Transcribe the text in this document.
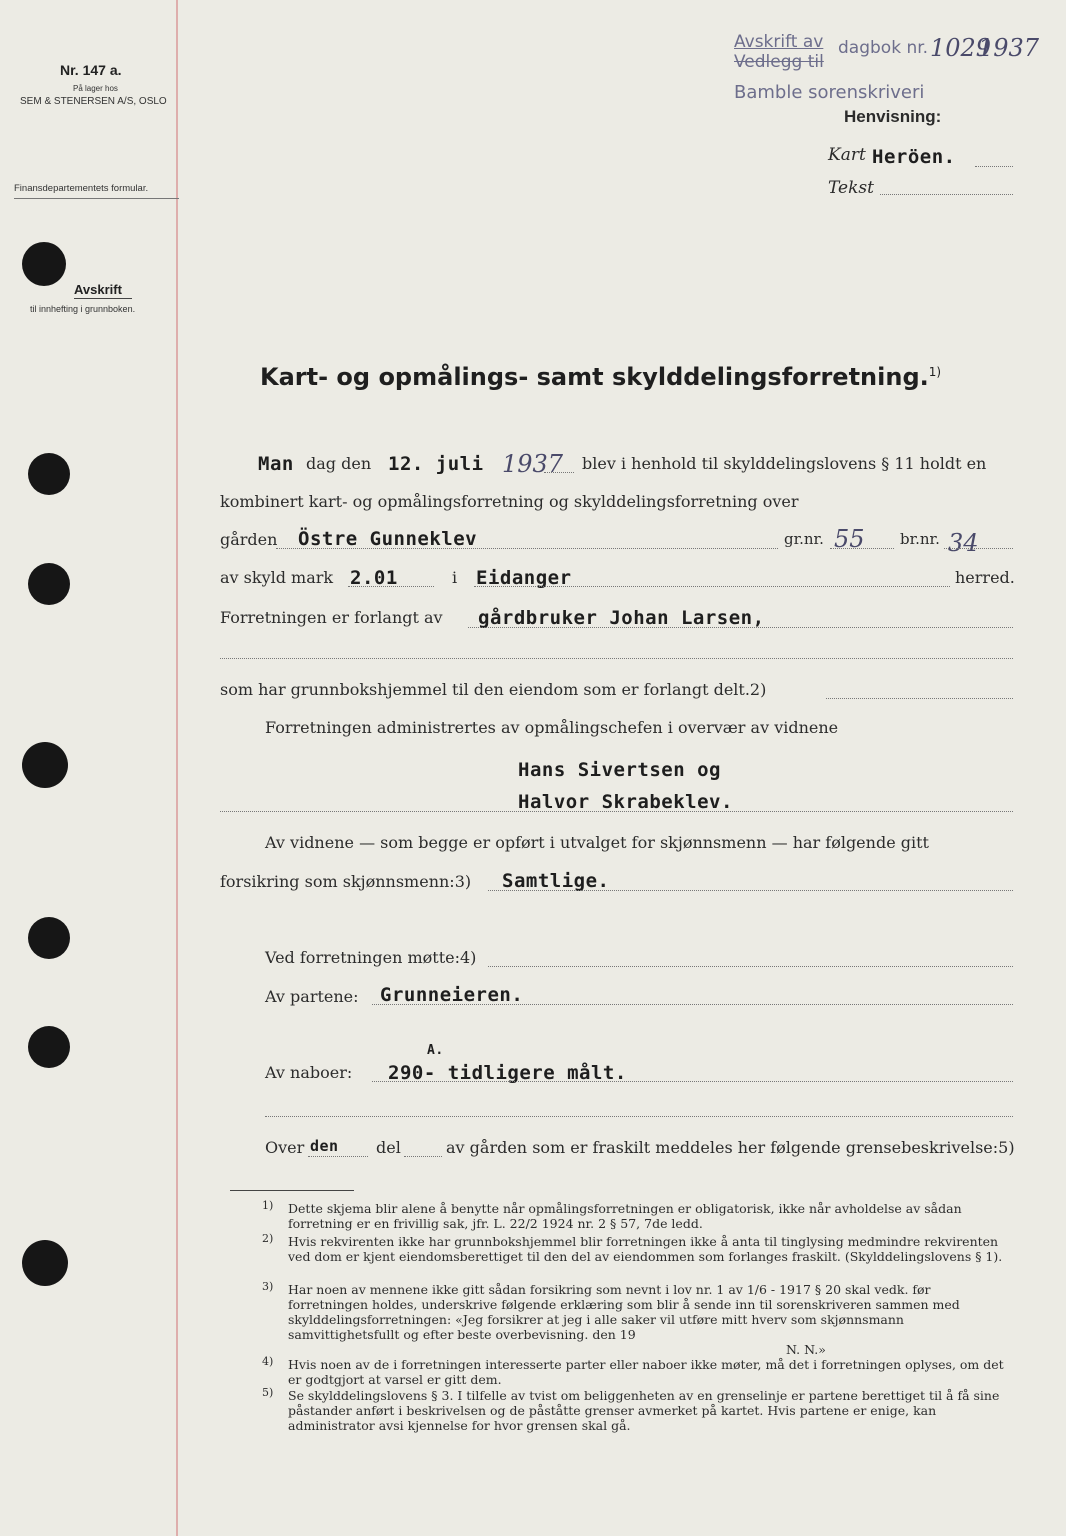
Nr. 147 a.
På lager hos
SEM & STENERSEN A/S, OSLO
Finansdepartementets formular.
Avskrift
til innhefting i grunnboken.
Avskrift av
Vedlegg til
dagbok nr. 1029
1937
Bamble sorenskriveri
Henvisning:
Kart Heröen.
Tekst
Kart- og opmålings- samt skylddelingsforretning.$^{1)}$
Man dag den 12. juli 1937 blev i henhold til skylddelingslovens § 11 holdt en
kombinert kart- og opmålingsforretning og skylddelingsforretning over
gården Östre Gunneklev	gr.nr. 55 br.nr. 34
av skyld mark 2.01	i Eidanger	herred.
Forretningen er forlangt av gårdbruker Johan Larsen,
som har grunnbokshjemmel til den eiendom som er forlangt delt.2)
Forretningen administrertes av opmålingschefen i overvær av vidnene
Hans Sivertsen og
Halvor Skrabeklev.
Av vidnene — som begge er opført i utvalget for skjønnsmenn — har følgende gitt
forsikring som skjønnsmenn:3) Samtlige.
Ved forretningen møtte:4)
Av partene: Grunneieren.
Av naboer:
A.
290- tidligere målt.
Over den del	av gården som er fraskilt meddeles her følgende grensebeskrivelse:5)
1) Dette skjema blir alene å benytte når opmålingsforretningen er obligatorisk, ikke når avholdelse av sådan forretning er en frivillig sak, jfr. L. 22/2 1924 nr. 2 § 57, 7de ledd.
2) Hvis rekvirenten ikke har grunnbokshjemmel blir forretningen ikke å anta til tinglysing medmindre rekvirenten ved dom er kjent eiendomsberettiget til den del av eiendommen som forlanges fraskilt. (Skylddelingslovens § 1).
3) Har noen av mennene ikke gitt sådan forsikring som nevnt i lov nr. 1 av 1/6 - 1917 § 20 skal vedk. før forretningen holdes, underskrive følgende erklæring som blir å sende inn til sorenskriveren sammen med skylddelingsforretningen: «Jeg forsikrer at jeg i alle saker vil utføre mitt hverv som skjønnsmann samvittighetsfullt og efter beste overbevisning. den 19
N. N.»
4) Hvis noen av de i forretningen interesserte parter eller naboer ikke møter, må det i forretningen oplyses, om det er godtgjort at varsel er gitt dem.
5) Se skylddelingslovens § 3. I tilfelle av tvist om beliggenheten av en grenselinje er partene berettiget til å få sine påstander anført i beskrivelsen og de påståtte grenser avmerket på kartet. Hvis partene er enige, kan administrator avsi kjennelse for hvor grensen skal gå.
